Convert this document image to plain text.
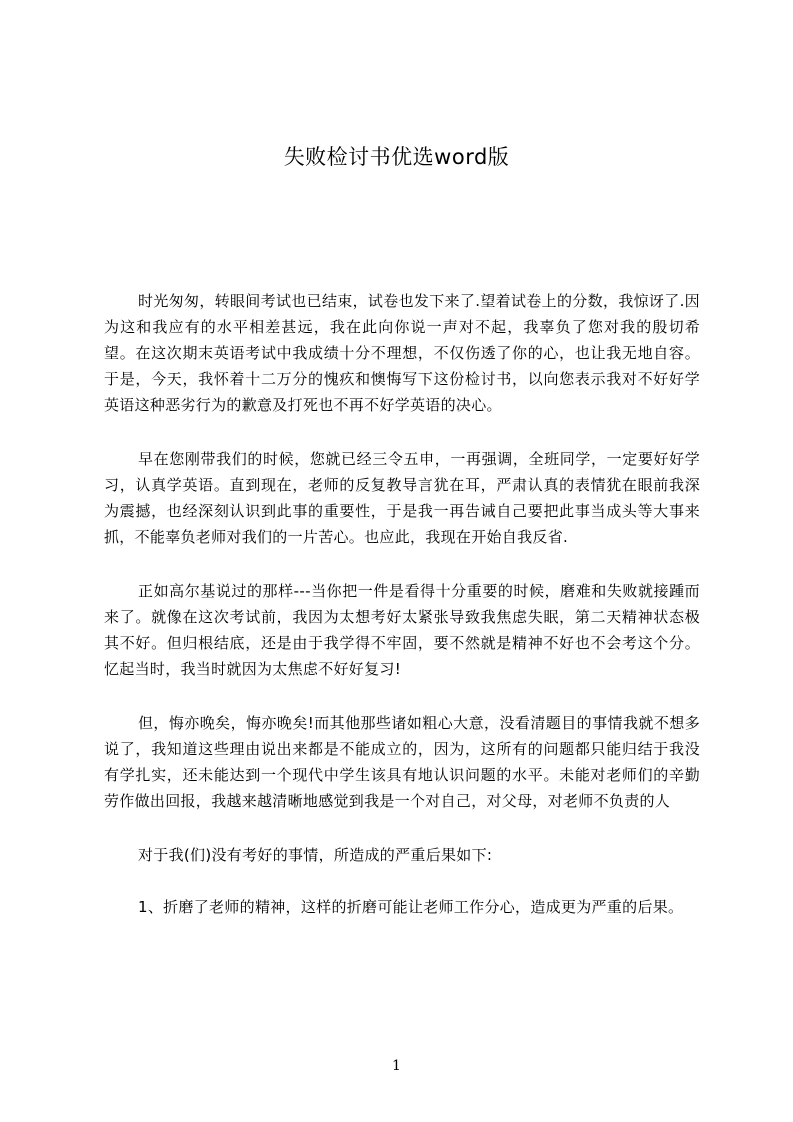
失败检讨书优选word版

时光匆匆，转眼间考试也已结束，试卷也发下来了.望着试卷上的分数，我惊讶了.因为这和我应有的水平相差甚远，我在此向你说一声对不起，我辜负了您对我的殷切希望。在这次期末英语考试中我成绩十分不理想，不仅伤透了你的心，也让我无地自容。于是，今天，我怀着十二万分的愧疚和懊悔写下这份检讨书，以向您表示我对不好好学英语这种恶劣行为的歉意及打死也不再不好学英语的决心。

早在您刚带我们的时候，您就已经三令五申，一再强调，全班同学，一定要好好学习，认真学英语。直到现在，老师的反复教导言犹在耳，严肃认真的表情犹在眼前我深为震撼，也经深刻认识到此事的重要性，于是我一再告诫自己要把此事当成头等大事来抓，不能辜负老师对我们的一片苦心。也应此，我现在开始自我反省.

正如高尔基说过的那样---当你把一件是看得十分重要的时候，磨难和失败就接踵而来了。就像在这次考试前，我因为太想考好太紧张导致我焦虑失眠，第二天精神状态极其不好。但归根结底，还是由于我学得不牢固，要不然就是精神不好也不会考这个分。忆起当时，我当时就因为太焦虑不好好复习!

但，悔亦晚矣，悔亦晚矣!而其他那些诸如粗心大意，没看清题目的事情我就不想多说了，我知道这些理由说出来都是不能成立的，因为，这所有的问题都只能归结于我没有学扎实，还未能达到一个现代中学生该具有地认识问题的水平。未能对老师们的辛勤劳作做出回报，我越来越清晰地感觉到我是一个对自己，对父母，对老师不负责的人

对于我(们)没有考好的事情，所造成的严重后果如下:

1、折磨了老师的精神，这样的折磨可能让老师工作分心，造成更为严重的后果。

1
